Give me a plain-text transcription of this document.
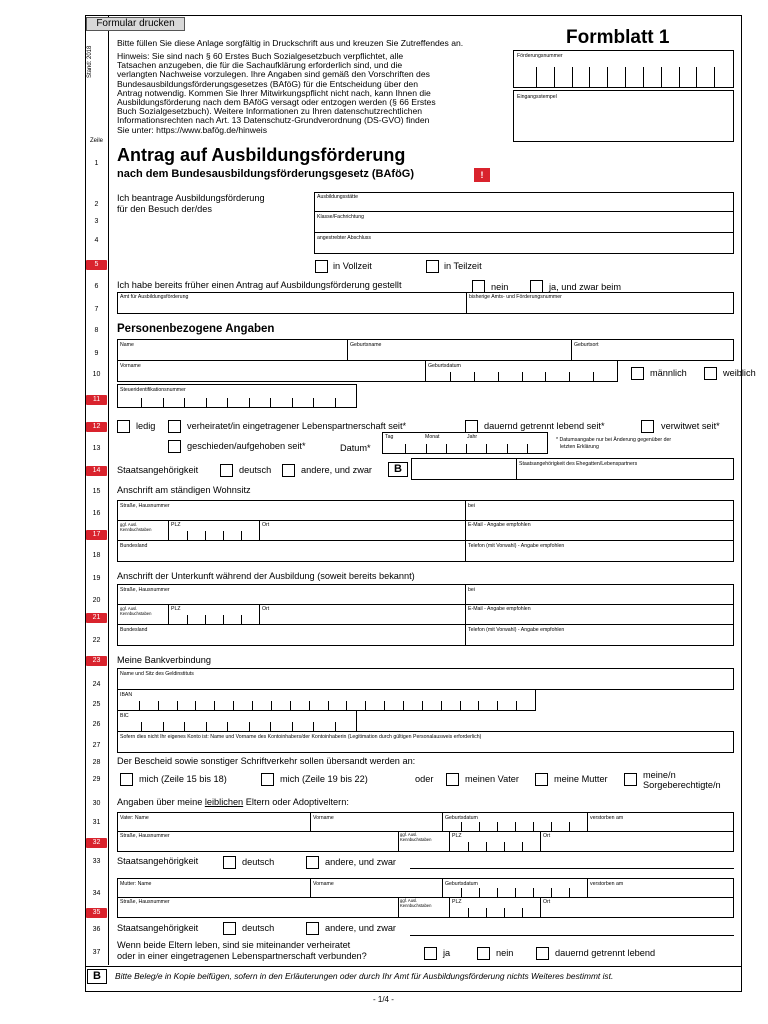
Formular drucken
Stand: 2018
Bitte füllen Sie diese Anlage sorgfältig in Druckschrift aus und kreuzen Sie Zutreffendes an.
Hinweis: Sie sind nach § 60 Erstes Buch Sozialgesetzbuch verpflichtet, alle
Tatsachen anzugeben, die für die Sachaufklärung erforderlich sind, und die
verlangten Nachweise vorzulegen. Ihre Angaben sind gemäß den Vorschriften des
Bundesausbildungsförderungsgesetzes (BAföG) für die Entscheidung über den
Antrag notwendig. Kommen Sie Ihrer Mitwirkungspflicht nicht nach, kann Ihnen die
Ausbildungsförderung nach dem BAföG versagt oder entzogen werden (§ 66 Erstes
Buch Sozialgesetzbuch). Weitere Informationen zu Ihren datenschutzrechtlichen
Informationsrechten nach Art. 13 Datenschutz-Grundverordnung (DS-GVO) finden
Sie unter: https://www.bafög.de/hinweis
Formblatt 1
Förderungsnummer
Eingangsstempel
Zeile
Antrag auf Ausbildungsförderung
nach dem Bundesausbildungsförderungsgesetz (BAföG)	!
1
2
3
4
5
6
7
8
9
10
11
12
13
14
15
16
17
18
19
20
21
22
23
24
25
26
27
28
29
30
31
32
33
34
35
36
37
Ich beantrage Ausbildungsförderung
für den Besuch der/des
Ausbildungsstätte
Klasse/Fachrichtung
angestrebter Abschluss
in Vollzeit	in Teilzeit
Ich habe bereits früher einen Antrag auf Ausbildungsförderung gestellt	nein	ja, und zwar beim
Amt für Ausbildungsförderung	bisherige Amts- und Förderungsnummer
Personenbezogene Angaben
Name	Geburtsname	Geburtsort
Vorname	Geburtsdatum
männlich	weiblich
Steueridentifikationsnummer
ledig	verheiratet/in eingetragener Lebenspartnerschaft seit*	dauernd getrennt lebend seit*	verwitwet seit*
geschieden/aufgehoben seit*	Datum*
Tag	Monat	Jahr	* Datumsangabe nur bei Änderung gegenüber der
letzten Erklärung
Staatsangehörigkeit	deutsch	andere, und zwar	B	Staatsangehörigkeit des Ehegatten/Lebenspartners
Anschrift am ständigen Wohnsitz
Straße, Hausnummer	bei
ggf. Ausl. Kennbuchstaben
PLZ	Ort	E-Mail - Angabe empfohlen
Bundesland	Telefon (mit Vorwahl) - Angabe empfohlen
Anschrift der Unterkunft während der Ausbildung (soweit bereits bekannt)
Straße, Hausnummer	bei
ggf. Ausl. Kennbuchstaben
PLZ	Ort	E-Mail - Angabe empfohlen
Bundesland	Telefon (mit Vorwahl) - Angabe empfohlen
Meine Bankverbindung
Name und Sitz des Geldinstituts
IBAN
BIC
Sofern dies nicht Ihr eigenes Konto ist: Name und Vorname des Kontoinhabers/der Kontoinhaberin (Legitimation durch gültigen Personalausweis erforderlich)
Der Bescheid sowie sonstiger Schriftverkehr sollen übersandt werden an:
mich (Zeile 15 bis 18)	mich (Zeile 19 bis 22)	oder	meinen Vater	meine Mutter	meine/n
Sorgeberechtigte/n
Angaben über meine leiblichen Eltern oder Adoptiveltern:
Vater: Name	Vorname	Geburtsdatum	verstorben am
Straße, Hausnummer	ggf. Ausl. Kennbuchstaben	PLZ	Ort
Staatsangehörigkeit	deutsch	andere, und zwar
Mutter: Name	Vorname	Geburtsdatum	verstorben am
Straße, Hausnummer	ggf. Ausl. Kennbuchstaben	PLZ	Ort
Staatsangehörigkeit	deutsch	andere, und zwar
Wenn beide Eltern leben, sind sie miteinander verheiratet
oder in einer eingetragenen Lebenspartnerschaft verbunden?	ja	nein	dauernd getrennt lebend
B	Bitte Beleg/e in Kopie beifügen, sofern in den Erläuterungen oder durch Ihr Amt für Ausbildungsförderung nichts Weiteres bestimmt ist.
- 1/4 -
